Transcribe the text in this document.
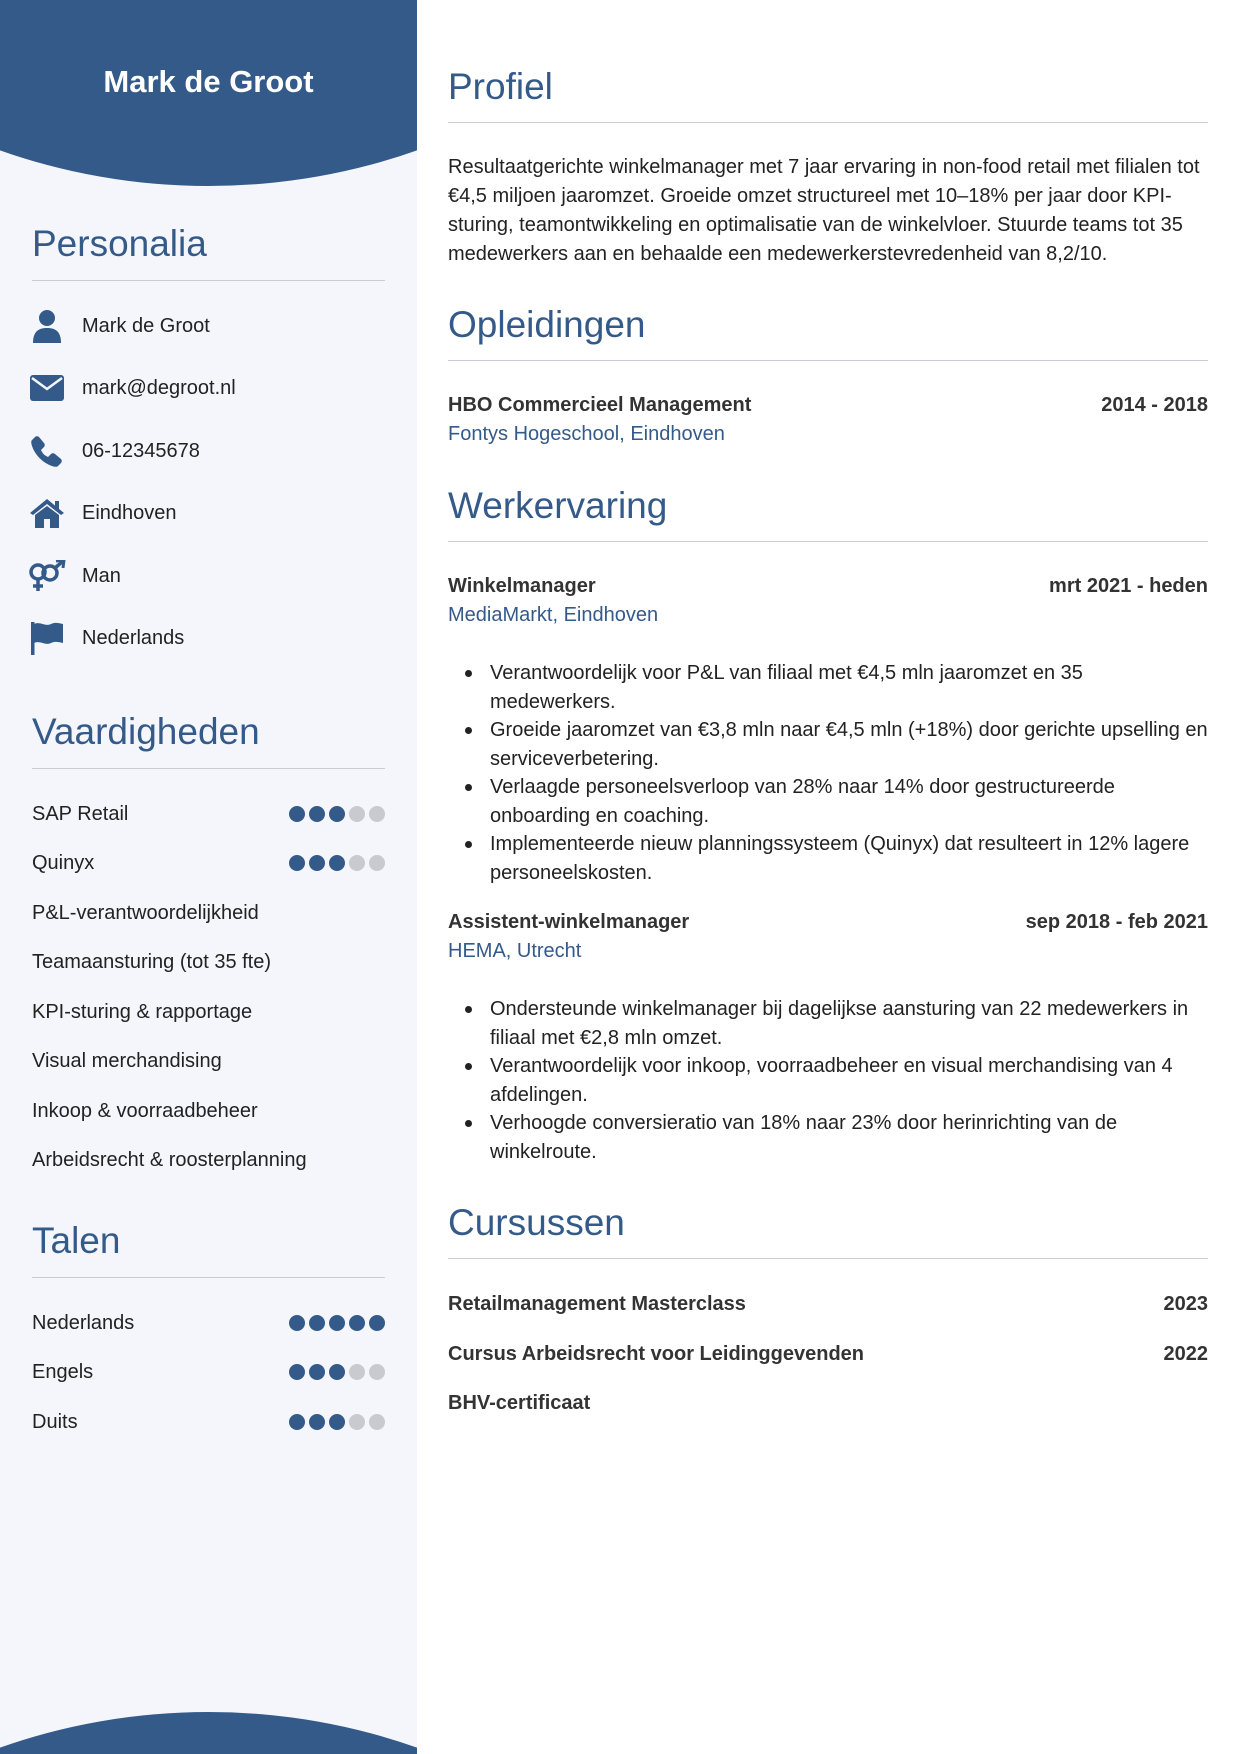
Mark de Groot
Personalia
Mark de Groot
mark@degroot.nl
06-12345678
Eindhoven
Man
Nederlands
Vaardigheden
SAP Retail
Quinyx
P&L-verantwoordelijkheid
Teamaansturing (tot 35 fte)
KPI-sturing & rapportage
Visual merchandising
Inkoop & voorraadbeheer
Arbeidsrecht & roosterplanning
Talen
Nederlands
Engels
Duits
Profiel
Resultaatgerichte winkelmanager met 7 jaar ervaring in non-food retail met filialen tot €4,5 miljoen jaaromzet. Groeide omzet structureel met 10–18% per jaar door KPI-sturing, teamontwikkeling en optimalisatie van de winkelvloer. Stuurde teams tot 35 medewerkers aan en behaalde een medewerkerstevredenheid van 8,2/10.
Opleidingen
HBO Commercieel Management	2014 - 2018
Fontys Hogeschool, Eindhoven
Werkervaring
Winkelmanager	mrt 2021 - heden
MediaMarkt, Eindhoven
Verantwoordelijk voor P&L van filiaal met €4,5 mln jaaromzet en 35 medewerkers.
Groeide jaaromzet van €3,8 mln naar €4,5 mln (+18%) door gerichte upselling en serviceverbetering.
Verlaagde personeelsverloop van 28% naar 14% door gestructureerde onboarding en coaching.
Implementeerde nieuw planningssysteem (Quinyx) dat resulteert in 12% lagere personeelskosten.
Assistent-winkelmanager	sep 2018 - feb 2021
HEMA, Utrecht
Ondersteunde winkelmanager bij dagelijkse aansturing van 22 medewerkers in filiaal met €2,8 mln omzet.
Verantwoordelijk voor inkoop, voorraadbeheer en visual merchandising van 4 afdelingen.
Verhoogde conversieratio van 18% naar 23% door herinrichting van de winkelroute.
Cursussen
Retailmanagement Masterclass	2023
Cursus Arbeidsrecht voor Leidinggevenden	2022
BHV-certificaat
